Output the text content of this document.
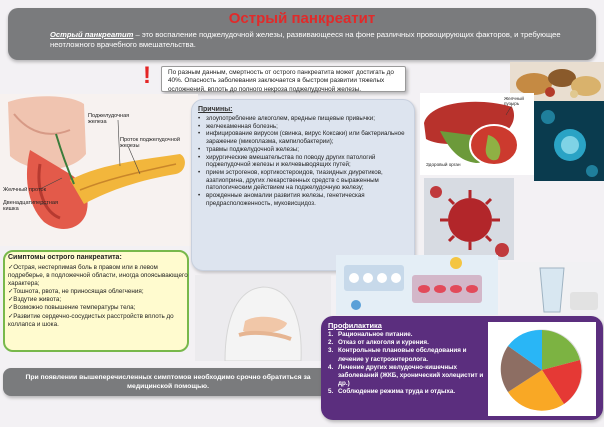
Острый панкреатит
Острый панкреатит – это воспаление поджелудочной железы, развивающееся на фоне различных провоцирующих факторов, и требующее неотложного врачебного вмешательства.
!	По разным данным, смертность от острого панкреатита может достигать до 40%. Опасность заболевания заключается в быстром развитии тяжелых осложнений, вплоть до полного некроза поджелудочной железы.
Поджелудочная железа
Проток поджелудочной железы
Желчный проток
Двенадцатиперстная кишка
Причины:
• злоупотребление алкоголем, вредные пищевые привычки;
• желчекаменная болезнь;
• инфицирование вирусом (свинка, вирус Коксаки) или бактериальное заражение (микоплазма, кампилобактерии);
• травмы поджелудочной железы;
• хирургические вмешательства по поводу других патологий поджелудочной железы и желчевыводящих путей;
• прием эстрогенов, кортикостероидов, тиазидных диуретиков, азатиоприна, других лекарственных средств с выраженным патологическим действием на поджелудочную железу;
• врожденные аномалии развития железы, генетическая предрасположенность, муковисцидоз.
Желчный пузырь
Здоровый орган
Симптомы острого панкреатита:
✓Острая, нестерпимая боль в правом или в левом подреберье, в подложечной области, иногда опоясывающего характера;
✓Тошнота, рвота, не приносящая облегчения;
✓Вздутие живота;
✓Возможно повышение температуры тела;
✓Развитие сердечно-сосудистых расстройств вплоть до коллапса и шока.
При появлении вышеперечисленных симптомов необходимо срочно обратиться за медицинской помощью.
Профилактика
1. Рациональное питание.
2. Отказ от алкоголя и курения.
3. Контрольные плановые обследования и лечение у гастроэнтеролога.
4. Лечение других желудочно-кишечных заболеваний (ЖКБ, хронический холецистит и др.)
5. Соблюдение режима труда и отдыха.
